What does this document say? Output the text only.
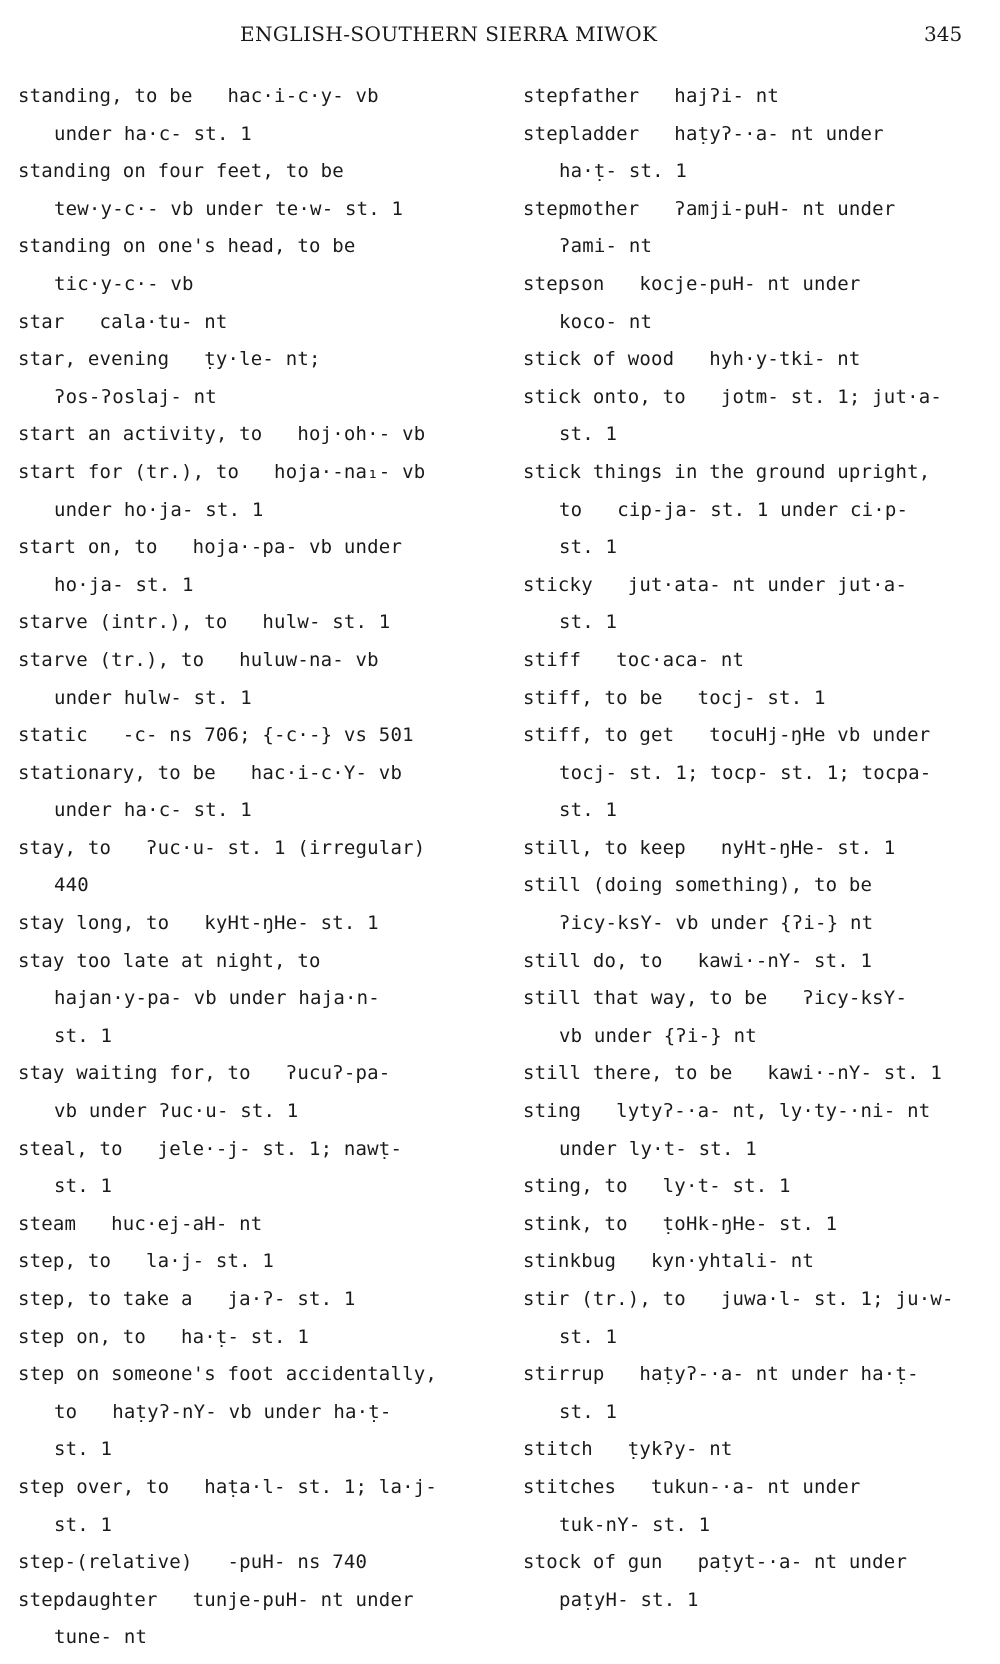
ENGLISH-SOUTHERN SIERRA MIWOK	345
standing, to be   hac·i-c·y- vb
under ha·c- st. 1
standing on four feet, to be
tew·y-c·- vb under te·w- st. 1
standing on one's head, to be
tic·y-c·- vb
star   cala·tu- nt
star, evening   ṭy·le- nt;
ʔos-ʔoslaj- nt
start an activity, to   hoj·oh·- vb
start for (tr.), to   hoja·-na₁- vb
under ho·ja- st. 1
start on, to   hoja·-pa- vb under
ho·ja- st. 1
starve (intr.), to   hulw- st. 1
starve (tr.), to   huluw-na- vb
under hulw- st. 1
static   -c- ns 706; {-c·-} vs 501
stationary, to be   hac·i-c·Y- vb
under ha·c- st. 1
stay, to   ʔuc·u- st. 1 (irregular)
440
stay long, to   kyHt-ŋHe- st. 1
stay too late at night, to
hajan·y-pa- vb under haja·n-
st. 1
stay waiting for, to   ʔucuʔ-pa-
vb under ʔuc·u- st. 1
steal, to   jele·-j- st. 1; nawṭ-
st. 1
steam   huc·ej-aH- nt
step, to   la·j- st. 1
step, to take a   ja·ʔ- st. 1
step on, to   ha·ṭ- st. 1
step on someone's foot accidentally,
to   haṭyʔ-nY- vb under ha·ṭ-
st. 1
step over, to   haṭa·l- st. 1; la·j-
st. 1
step-(relative)   -puH- ns 740
stepdaughter   tunje-puH- nt under
tune- nt
stepfather   hajʔi- nt
stepladder   haṭyʔ-·a- nt under
ha·ṭ- st. 1
stepmother   ʔamji-puH- nt under
ʔami- nt
stepson   kocje-puH- nt under
koco- nt
stick of wood   hyh·y-tki- nt
stick onto, to   jotm- st. 1; jut·a-
st. 1
stick things in the ground upright,
to   cip-ja- st. 1 under ci·p-
st. 1
sticky   jut·ata- nt under jut·a-
st. 1
stiff   toc·aca- nt
stiff, to be   tocj- st. 1
stiff, to get   tocuHj-ŋHe vb under
tocj- st. 1; tocp- st. 1; tocpa-
st. 1
still, to keep   nyHt-ŋHe- st. 1
still (doing something), to be
ʔicy-ksY- vb under {ʔi-} nt
still do, to   kawi·-nY- st. 1
still that way, to be   ʔicy-ksY-
vb under {ʔi-} nt
still there, to be   kawi·-nY- st. 1
sting   lytyʔ-·a- nt, ly·ty-·ni- nt
under ly·t- st. 1
sting, to   ly·t- st. 1
stink, to   ṭoHk-ŋHe- st. 1
stinkbug   kyn·yhtali- nt
stir (tr.), to   juwa·l- st. 1; ju·w-
st. 1
stirrup   haṭyʔ-·a- nt under ha·ṭ-
st. 1
stitch   ṭykʔy- nt
stitches   tukun-·a- nt under
tuk-nY- st. 1
stock of gun   paṭyt-·a- nt under
paṭyH- st. 1
